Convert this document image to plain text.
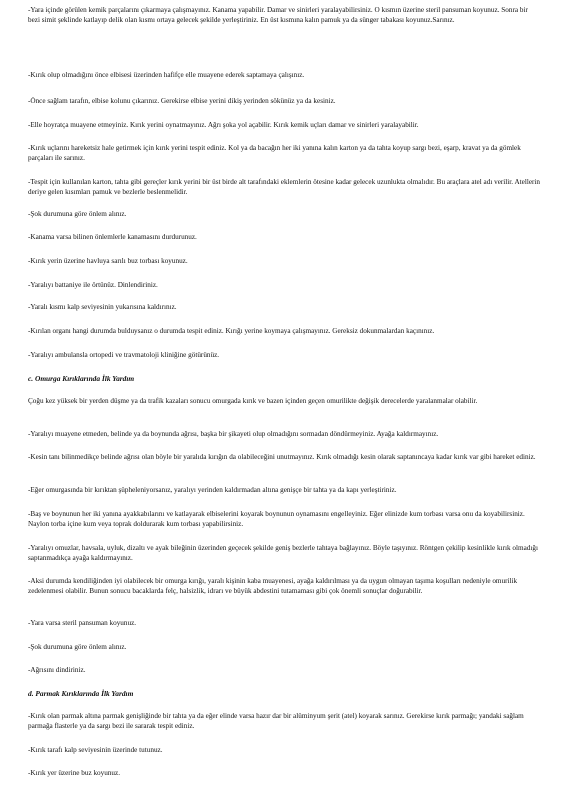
-Yara içinde görülen kemik parçalarını çıkarmaya çalışmayınız. Kanama yapabilir. Damar ve sinirleri yaralayabilirsiniz. O kısmın üzerine steril pansuman koyunuz. Sonra bir bezi simit şeklinde katlayıp delik olan kısmı ortaya gelecek şekilde yerleştiriniz. En üst kısmına kalın pamuk ya da sünger tabakası koyunuz.Sarınız.

-Kırık olup olmadığını önce elbisesi üzerinden hafifçe elle muayene ederek saptamaya çalışınız.

-Önce sağlam tarafın, elbise kolunu çıkarınız. Gerekirse elbise yerini dikiş yerinden sökünüz ya da kesiniz.

-Elle hoyratça muayene etmeyiniz. Kırık yerini oynatmayınız. Ağrı şoka yol açabilir. Kırık kemik uçları damar ve sinirleri yaralayabilir.

-Kırık uçlarını hareketsiz hale getirmek için kırık yerini tespit ediniz. Kol ya da bacağın her iki yanına kalın karton ya da tahta koyup sargı bezi, eşarp, kravat ya da gömlek parçaları ile sarınız.

-Tespit için kullanılan karton, tahta gibi gereçler kırık yerini bir üst birde alt tarafındaki eklemlerin ötesine kadar gelecek uzunlukta olmalıdır. Bu araçlara atel adı verilir. Atellerin deriye gelen kısımları pamuk ve bezlerle beslenmelidir.

-Şok durumuna göre önlem alınız.

-Kanama varsa bilinen önlemlerle kanamasını durdurunuz.

-Kırık yerin üzerine havluya sarılı buz torbası koyunuz.

-Yaralıyı battaniye ile örtünüz. Dinlendiriniz.

-Yaralı kısmı kalp seviyesinin yukarısına kaldırınız.

-Kırılan organı hangi durumda bulduysanız o durumda tespit ediniz. Kırığı yerine koymaya çalışmayınız. Gereksiz dokunmalardan kaçınınız.

-Yaralıyı ambulansla ortopedi ve travmatoloji kliniğine götürünüz.

c. Omurga Kırıklarında İlk Yardım

Çoğu kez yüksek bir yerden düşme ya da trafik kazaları sonucu omurgada kırık ve bazen içinden geçen omurilikte değişik derecelerde yaralanmalar olabilir.

-Yaralıyı muayene etmeden, belinde ya da boynunda ağrısı, başka bir şikayeti olup olmadığını sormadan döndürmeyiniz. Ayağa kaldırmayınız.

-Kesin tanı bilinmedikçe belinde ağrısı olan böyle bir yaralıda kırığın da olabileceğini unutmayınız. Kırık olmadığı kesin olarak saptanıncaya kadar kırık var gibi hareket ediniz.

-Eğer omurgasında bir kırıktan şüpheleniyorsanız, yaralıyı yerinden kaldırmadan altına genişçe bir tahta ya da kapı yerleştiriniz.

-Baş ve boynunun her iki yanına ayakkabılarını ve katlayarak elbiselerini koyarak boynunun oynamasını engelleyiniz. Eğer elinizde kum torbası varsa onu da koyabilirsiniz. Naylon torba içine kum veya toprak doldurarak kum torbası yapabilirsiniz.

-Yaralıyı omuzlar, havsala, uyluk, dizaltı ve ayak bileğinin üzerinden geçecek şekilde geniş bezlerle tahtaya bağlayınız. Böyle taşıyınız. Röntgen çekilip kesinlikle kırık olmadığı saptanmadıkça ayağa kaldırmayınız.

-Aksi durumda kendiliğinden iyi olabilecek bir omurga kırığı, yaralı kişinin kaba muayenesi, ayağa kaldırılması ya da uygun olmayan taşıma koşulları nedeniyle omurilik zedelenmesi olabilir. Bunun sonucu bacaklarda felç, halsizlik, idrarı ve büyük abdestini tutamaması gibi çok önemli sonuçlar doğurabilir.

-Yara varsa steril pansuman koyunuz.

-Şok durumuna göre önlem alınız.

-Ağrısını dindiriniz.

d. Parmak Kırıklarında İlk Yardım

-Kırık olan parmak altına parmak genişliğinde bir tahta ya da eğer elinde varsa hazır dar bir alüminyum şerit (atel) koyarak sarınız. Gerekirse kırık parmağı; yandaki sağlam parmağa flasterle ya da sargı bezi ile sararak tespit ediniz.

-Kırık tarafı kalp seviyesinin üzerinde tutunuz.

-Kırık yer üzerine buz koyunuz.
